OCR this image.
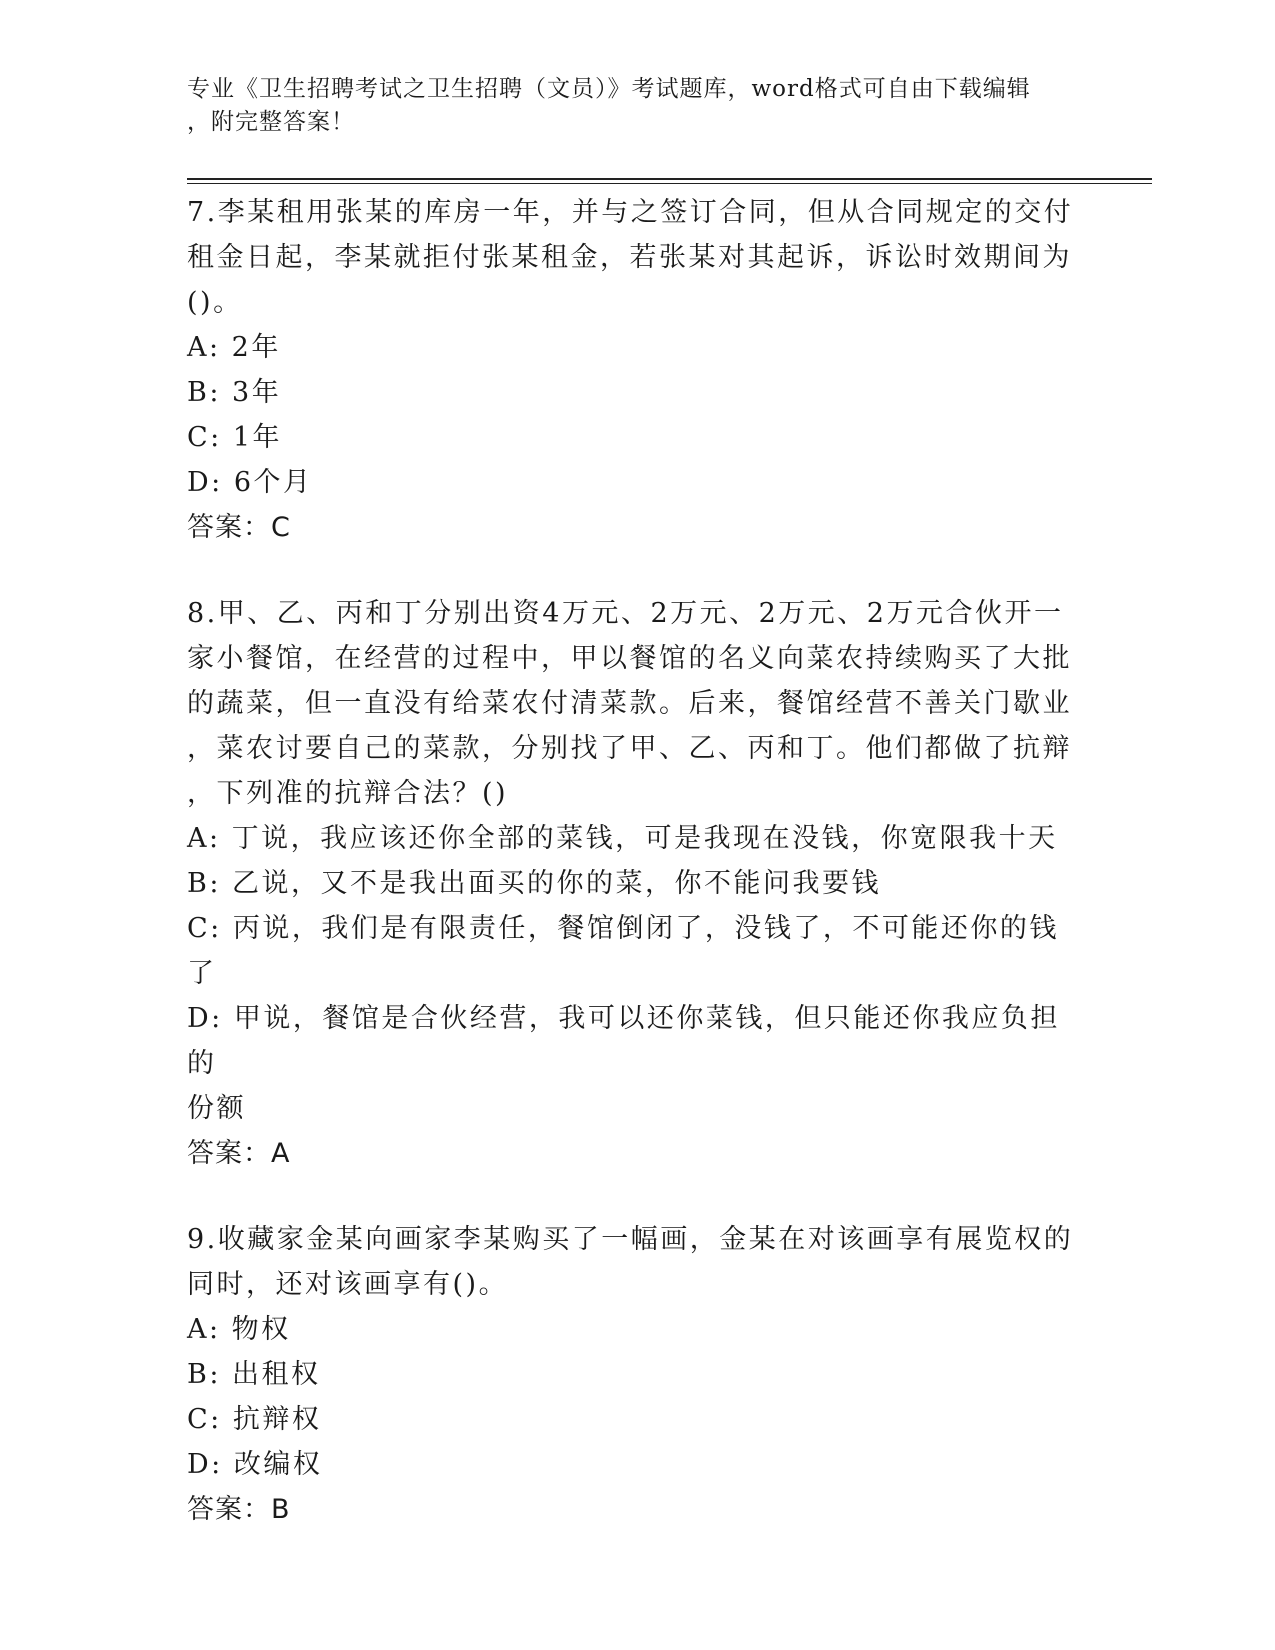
专业《卫生招聘考试之卫生招聘（文员）》考试题库，word格式可自由下载编辑
，附完整答案！
7.李某租用张某的库房一年，并与之签订合同，但从合同规定的交付
租金日起，李某就拒付张某租金，若张某对其起诉，诉讼时效期间为
()。
A: 2年
B: 3年
C: 1年
D: 6个月
答案：C
8.甲、乙、丙和丁分别出资4万元、2万元、2万元、2万元合伙开一
家小餐馆，在经营的过程中，甲以餐馆的名义向菜农持续购买了大批
的蔬菜，但一直没有给菜农付清菜款。后来，餐馆经营不善关门歇业
，菜农讨要自己的菜款，分别找了甲、乙、丙和丁。他们都做了抗辩
，下列准的抗辩合法？()
A: 丁说，我应该还你全部的菜钱，可是我现在没钱，你宽限我十天
B: 乙说，又不是我出面买的你的菜，你不能问我要钱
C: 丙说，我们是有限责任，餐馆倒闭了，没钱了，不可能还你的钱了
D: 甲说，餐馆是合伙经营，我可以还你菜钱，但只能还你我应负担的
份额
答案：A
9.收藏家金某向画家李某购买了一幅画，金某在对该画享有展览权的
同时，还对该画享有()。
A: 物权
B: 出租权
C: 抗辩权
D: 改编权
答案：B
